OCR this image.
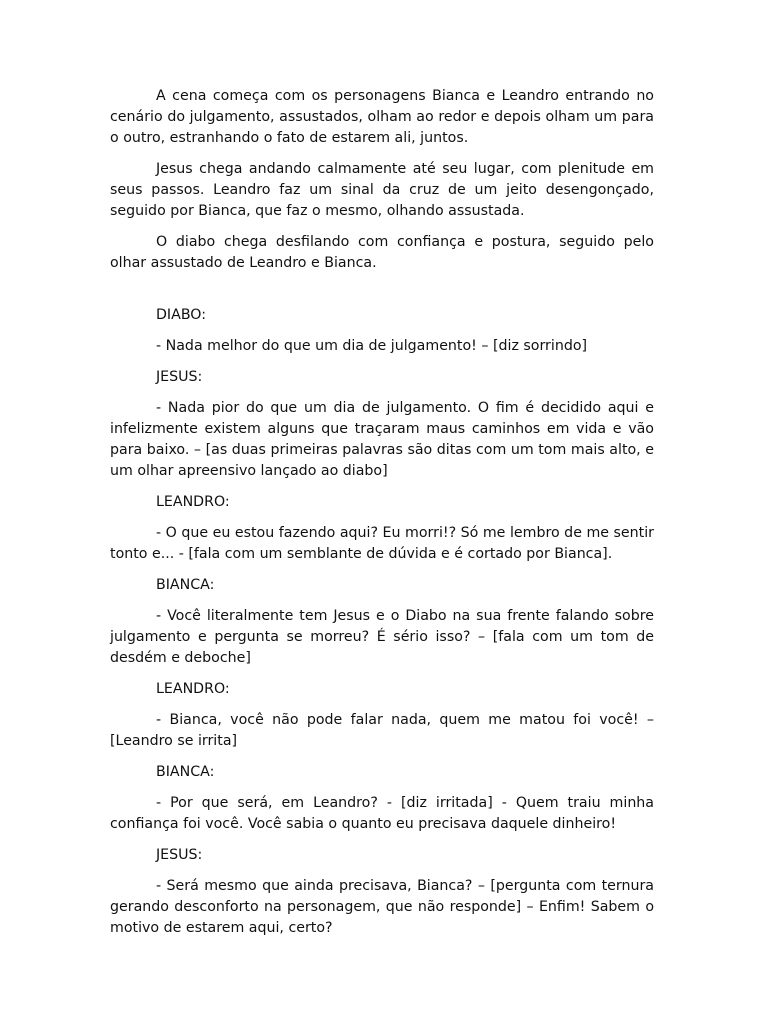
A cena começa com os personagens Bianca e Leandro entrando no cenário do julgamento, assustados, olham ao redor e depois olham um para o outro, estranhando o fato de estarem ali, juntos.

Jesus chega andando calmamente até seu lugar, com plenitude em seus passos. Leandro faz um sinal da cruz de um jeito desengonçado, seguido por Bianca, que faz o mesmo, olhando assustada.

O diabo chega desfilando com confiança e postura, seguido pelo olhar assustado de Leandro e Bianca.

DIABO:

- Nada melhor do que um dia de julgamento! – [diz sorrindo]

JESUS:

- Nada pior do que um dia de julgamento. O fim é decidido aqui e infelizmente existem alguns que traçaram maus caminhos em vida e vão para baixo. – [as duas primeiras palavras são ditas com um tom mais alto, e um olhar apreensivo lançado ao diabo]

LEANDRO:

- O que eu estou fazendo aqui? Eu morri!? Só me lembro de me sentir tonto e... - [fala com um semblante de dúvida e é cortado por Bianca].

BIANCA:

- Você literalmente tem Jesus e o Diabo na sua frente falando sobre julgamento e pergunta se morreu? É sério isso? – [fala com um tom de desdém e deboche]

LEANDRO:

- Bianca, você não pode falar nada, quem me matou foi você! – [Leandro se irrita]

BIANCA:

- Por que será, em Leandro? - [diz irritada] - Quem traiu minha confiança foi você. Você sabia o quanto eu precisava daquele dinheiro!

JESUS:

- Será mesmo que ainda precisava, Bianca? – [pergunta com ternura gerando desconforto na personagem, que não responde] – Enfim! Sabem o motivo de estarem aqui, certo?
